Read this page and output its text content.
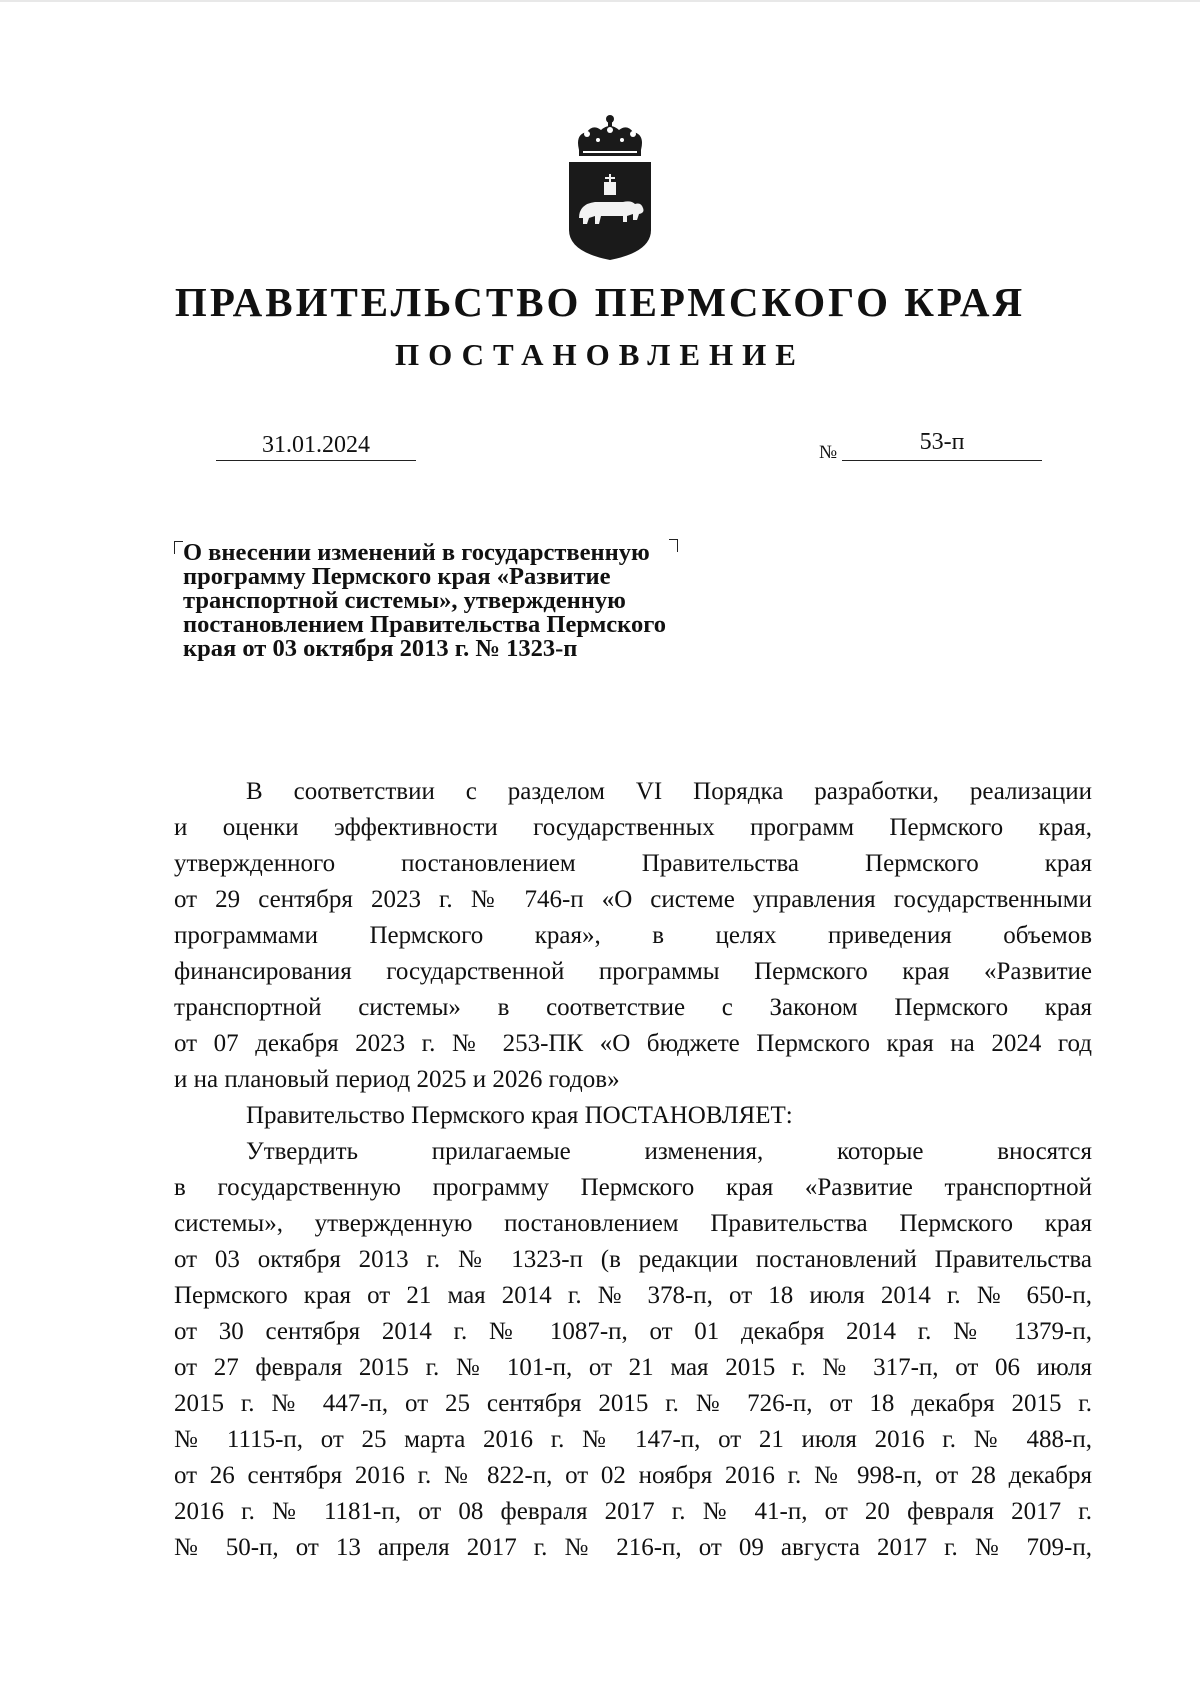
ПРАВИТЕЛЬСТВО ПЕРМСКОГО КРАЯ
ПОСТАНОВЛЕНИЕ
31.01.2024	№	53-п
О внесении изменений в государственную
программу Пермского края «Развитие
транспортной системы», утвержденную
постановлением Правительства Пермского
края от 03 октября 2013 г. № 1323-п
В соответствии с разделом VI Порядка разработки, реализации
и оценки эффективности государственных программ Пермского края,
утвержденного постановлением Правительства Пермского края
от 29 сентября 2023 г. № 746-п «О системе управления государственными
программами Пермского края», в целях приведения объемов
финансирования государственной программы Пермского края «Развитие
транспортной системы» в соответствие с Законом Пермского края
от 07 декабря 2023 г. № 253-ПК «О бюджете Пермского края на 2024 год
и на плановый период 2025 и 2026 годов»
Правительство Пермского края ПОСТАНОВЛЯЕТ:
Утвердить прилагаемые изменения, которые вносятся
в государственную программу Пермского края «Развитие транспортной
системы», утвержденную постановлением Правительства Пермского края
от 03 октября 2013 г. № 1323-п (в редакции постановлений Правительства
Пермского края от 21 мая 2014 г. № 378-п, от 18 июля 2014 г. № 650-п,
от 30 сентября 2014 г. № 1087-п, от 01 декабря 2014 г. № 1379-п,
от 27 февраля 2015 г. № 101-п, от 21 мая 2015 г. № 317-п, от 06 июля
2015 г. № 447-п, от 25 сентября 2015 г. № 726-п, от 18 декабря 2015 г.
№ 1115-п, от 25 марта 2016 г. № 147-п, от 21 июля 2016 г. № 488-п,
от 26 сентября 2016 г. № 822-п, от 02 ноября 2016 г. № 998-п, от 28 декабря
2016 г. № 1181-п, от 08 февраля 2017 г. № 41-п, от 20 февраля 2017 г.
№ 50-п, от 13 апреля 2017 г. № 216-п, от 09 августа 2017 г. № 709-п,
